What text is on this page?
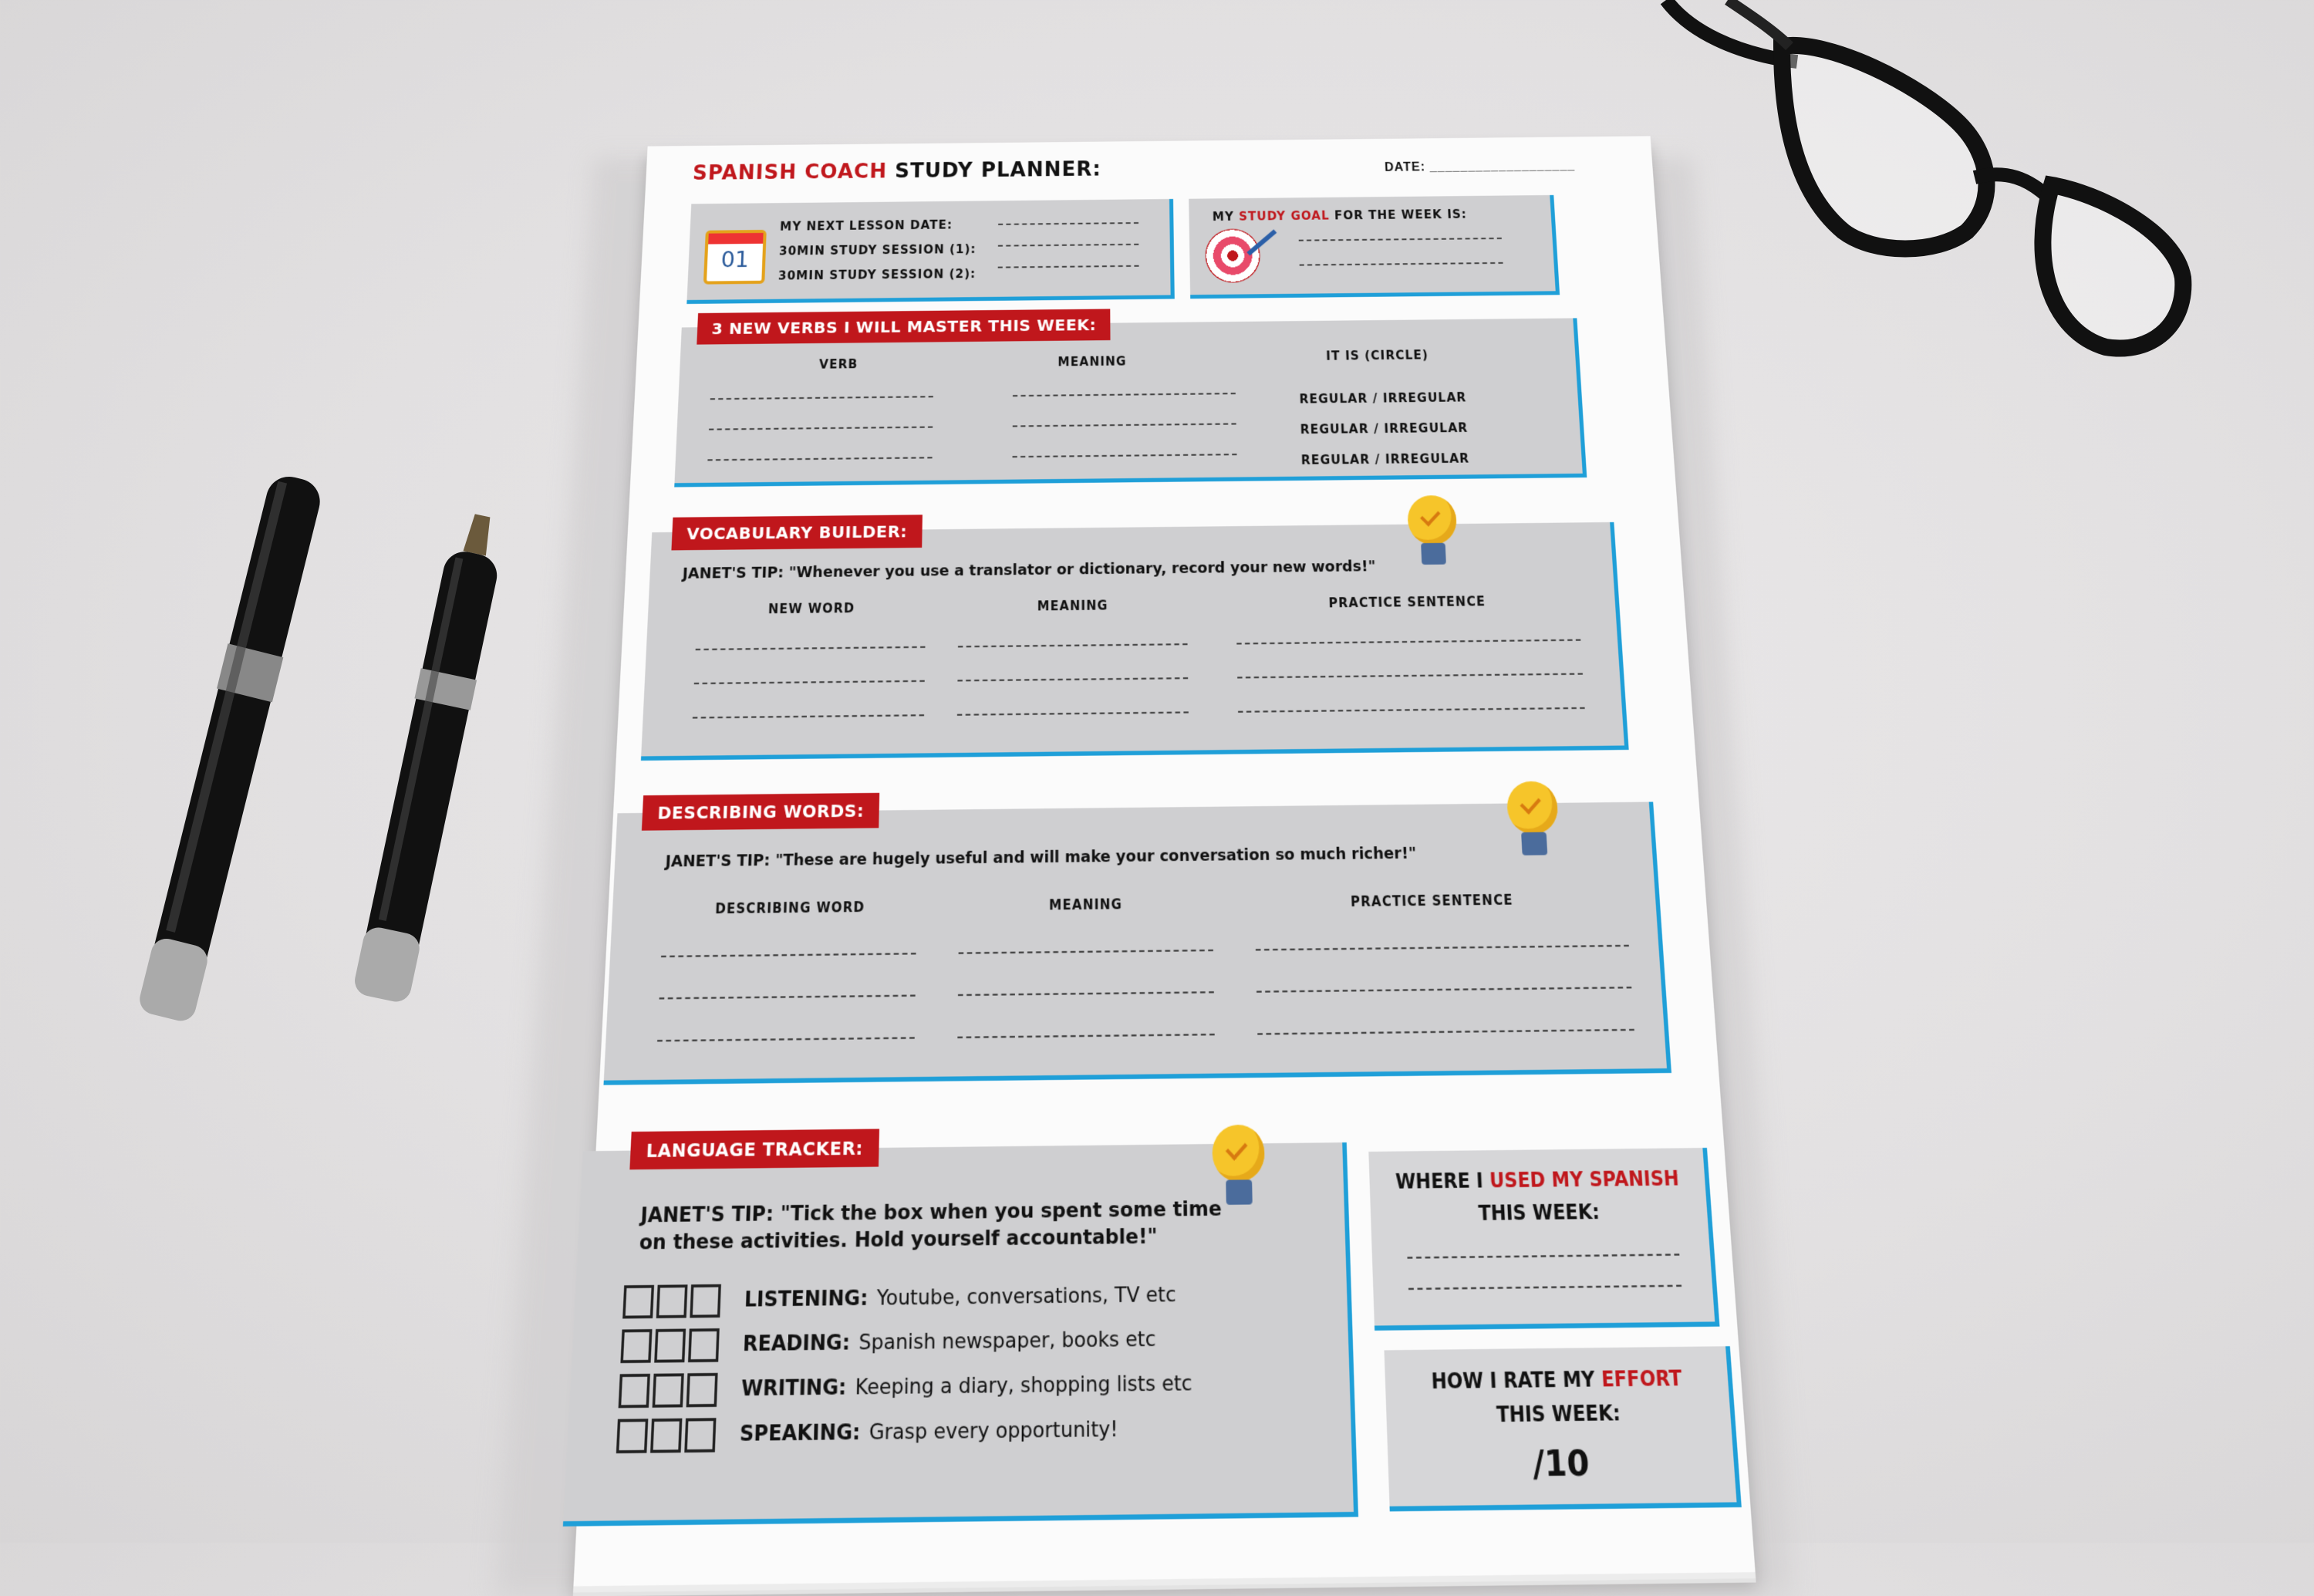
SPANISH COACH STUDY PLANNER:	DATE: ___________________
01
MY NEXT LESSON DATE:
30MIN STUDY SESSION (1):
30MIN STUDY SESSION (2):
MY STUDY GOAL FOR THE WEEK IS:
3 NEW VERBS I WILL MASTER THIS WEEK:
VERB	MEANING	IT IS (CIRCLE)
REGULAR / IRREGULAR
REGULAR / IRREGULAR
REGULAR / IRREGULAR
VOCABULARY BUILDER:
JANET'S TIP: "Whenever you use a translator or dictionary, record your new words!"
NEW WORD	MEANING	PRACTICE SENTENCE
DESCRIBING WORDS:
JANET'S TIP: "These are hugely useful and will make your conversation so much richer!"
DESCRIBING WORD	MEANING	PRACTICE SENTENCE
LANGUAGE TRACKER:
JANET'S TIP: "Tick the box when you spent some time
on these activities. Hold yourself accountable!"
LISTENING: Youtube, conversations, TV etc
READING: Spanish newspaper, books etc
WRITING: Keeping a diary, shopping lists etc
SPEAKING: Grasp every opportunity!
WHERE I USED MY SPANISH
THIS WEEK:
HOW I RATE MY EFFORT
THIS WEEK:
/10
